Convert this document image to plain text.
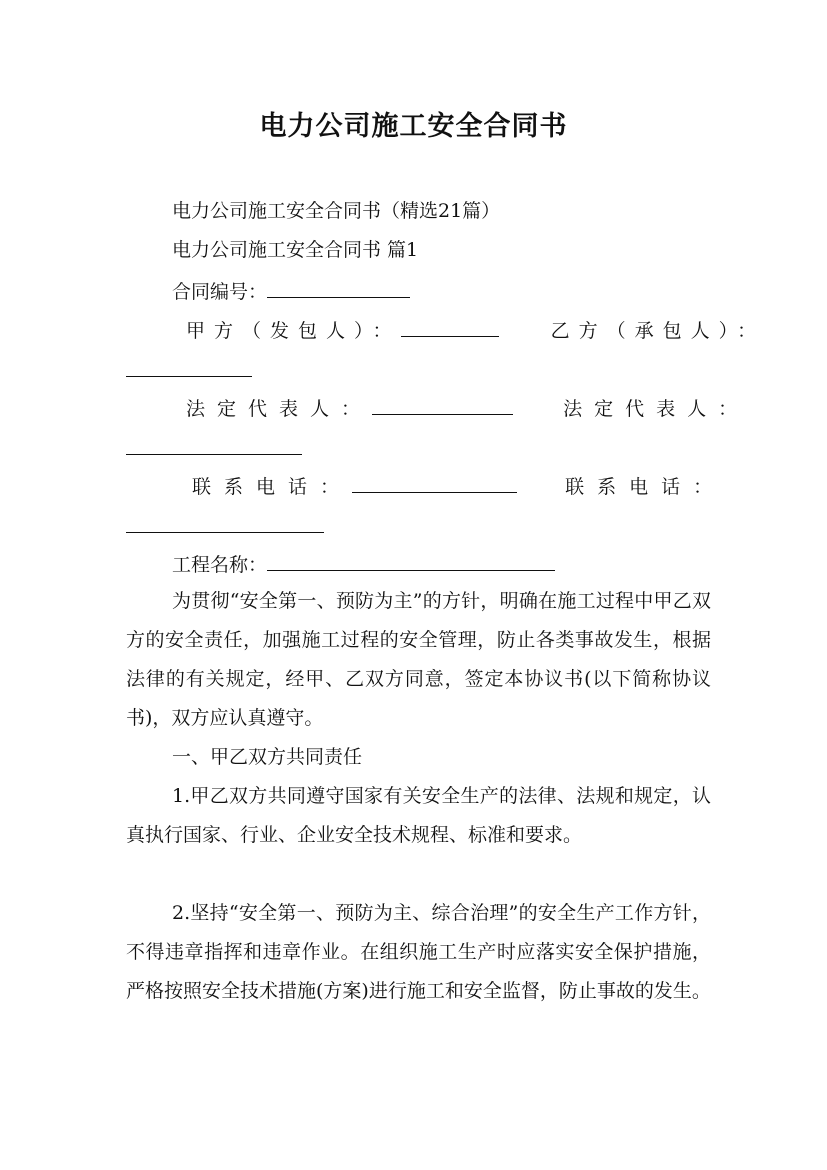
电力公司施工安全合同书
电力公司施工安全合同书（精选21篇）
电力公司施工安全合同书 篇1
合同编号：
甲方（发包人）：	乙方（承包人）：
法定代表人：	法定代表人：
联系电话：	联系电话：
工程名称：
为贯彻“安全第一、预防为主”的方针，明确在施工过程中甲乙双方的安全责任，加强施工过程的安全管理，防止各类事故发生，根据法律的有关规定，经甲、乙双方同意，签定本协议书(以下简称协议书)，双方应认真遵守。
一、甲乙双方共同责任
1.甲乙双方共同遵守国家有关安全生产的法律、法规和规定，认真执行国家、行业、企业安全技术规程、标准和要求。
2.坚持“安全第一、预防为主、综合治理”的安全生产工作方针，不得违章指挥和违章作业。在组织施工生产时应落实安全保护措施，严格按照安全技术措施(方案)进行施工和安全监督，防止事故的发生。
